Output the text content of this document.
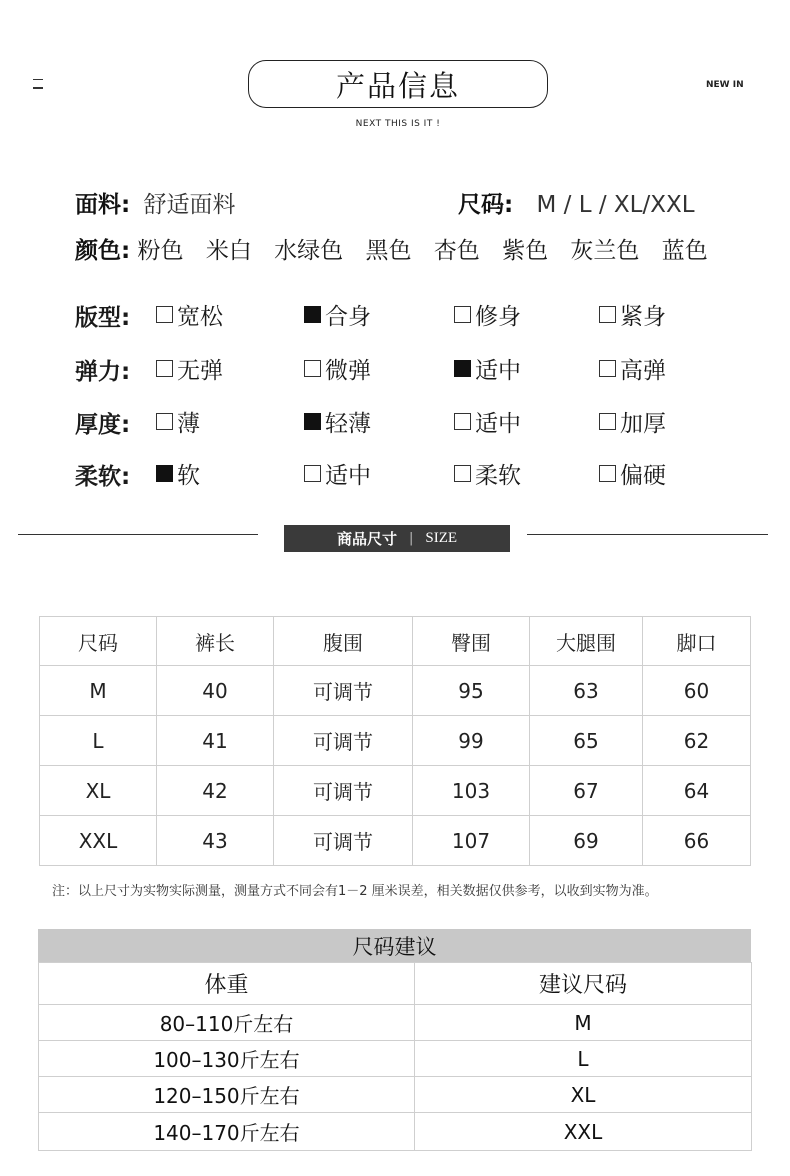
产品信息
NEXT THIS IS IT !
NEW IN
面料: 舒适面料	尺码: M / L / XL/XXL
颜色: 粉色 米白 水绿色 黑色 杏色 紫色 灰兰色 蓝色
版型: 宽松	合身	修身	紧身
弹力: 无弹	微弹	适中	高弹
厚度: 薄	轻薄	适中	加厚
柔软: 软	适中	柔软	偏硬
商品尺寸 | SIZE
尺码	裤长	腹围	臀围	大腿围	脚口
M	40	可调节	95	63	60
L	41	可调节	99	65	62
XL	42	可调节	103	67	64
XXL	43	可调节	107	69	66
注：以上尺寸为实物实际测量，测量方式不同会有1－2 厘米误差，相关数据仅供参考，以收到实物为准。
尺码建议
体重	建议尺码
80–110斤左右	M
100–130斤左右	L
120–150斤左右	XL
140–170斤左右	XXL
